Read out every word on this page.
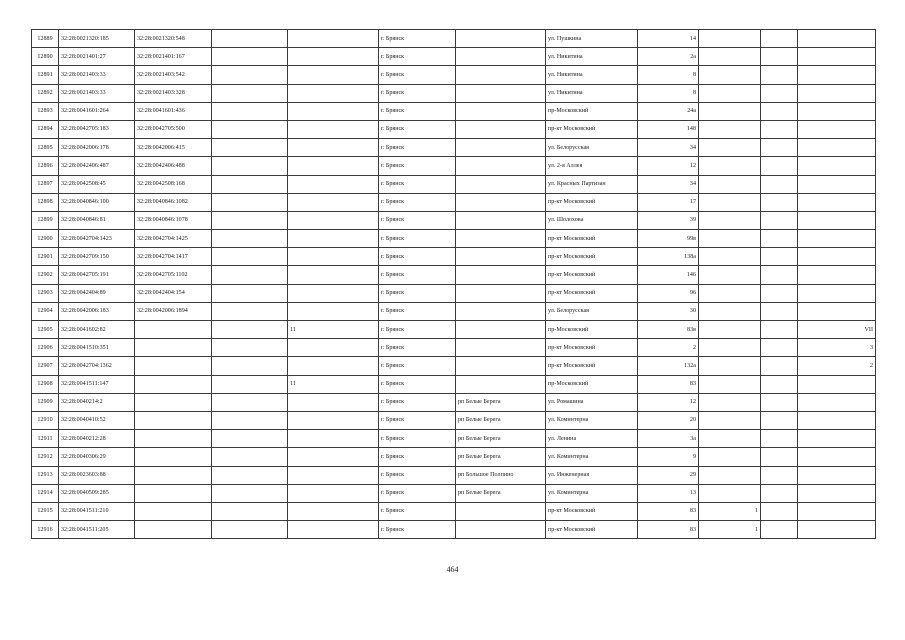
12889	32:28:0021320:185	32:28:0021320:548			г. Брянск		ул. Пушкина	14			
12890	32:28:0021401:27	32:28:0021401:167			г. Брянск		ул. Никитина	2а			
12891	32:28:0021403:33	32:28:0021403:542			г. Брянск		ул. Никитина	8			
12892	32:28:0021403:33	32:28:0021403:328			г. Брянск		ул. Никитина	8			
12893	32:28:0041601:264	32:28:0041601:436			г. Брянск		пр-Московский	24а			
12894	32:28:0042705:183	32:28:0042705:500			г. Брянск		пр-кт Московский	148			
12895	32:28:0042006:178	32:28:0042006:415			г. Брянск		ул. Белорусская	34			
12896	32:28:0042406:487	32:28:0042406:488			г. Брянск		ул. 2-я Аллея	12			
12897	32:28:0042508:45	32:28:0042508:168			г. Брянск		ул. Красных Партизан	34			
12898	32:28:0040846:100	32:28:0040846:1082			г. Брянск		пр-кт Московский	17			
12899	32:28:0040846:81	32:28:0040846:1078			г. Брянск		ул. Шолохова	39			
12900	32:28:0042704:1423	32:28:0042704:1425			г. Брянск		пр-кт Московский	99в			
12901	32:28:0042709:150	32:28:0042704:1417			г. Брянск		пр-кт Московский	138а			
12902	32:28:0042705:191	32:28:0042705:1102			г. Брянск		пр-кт Московский	146			
12903	32:28:0042404:89	32:28:0042404:154			г. Брянск		пр-кт Московский	96			
12904	32:28:0042006:183	32:28:0042006:1894			г. Брянск		ул. Белорусская	30			
12905	32:28:0041602:82			11	г. Брянск		пр-Московский	83в			VII
12906	32:28:0041510:351				г. Брянск		пр-кт Московский	2			3
12907	32:28:0042704:1362				г. Брянск		пр-кт Московский	132а			2
12908	32:28:0041511:147			11	г. Брянск		пр-Московский	83			
12909	32:28:0040214:2				г. Брянск	рп Белые Берега	ул. Ромашина	12			
12910	32:28:0040410:52				г. Брянск	рп Белые Берега	ул. Коминтерна	20			
12911	32:28:0040212:28				г. Брянск	рп Белые Берега	ул. Ленина	3а			
12912	32:28:0040306:29				г. Брянск	рп Белые Берега	ул. Коминтерна	9			
12913	32:28:0023603:88				г. Брянск	рп Большое Полпино	ул. Инженерная	29			
12914	32:28:0040509:285				г. Брянск	рп Белые Берега	ул. Коминтерна	13			
12915	32:28:0041511:210				г. Брянск		пр-кт Московский	83	1		
12916	32:28:0041511:205				г. Брянск		пр-кт Московский	83	1		
464
